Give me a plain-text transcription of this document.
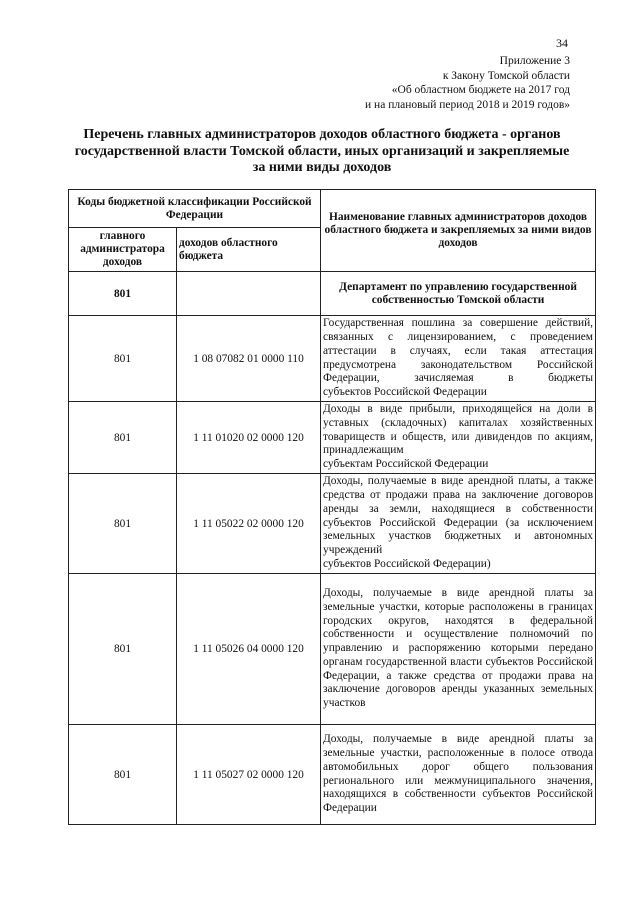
34
Приложение 3
к Закону Томской области
«Об областном бюджете на 2017 год
и на плановый период 2018 и 2019 годов»
Перечень главных администраторов доходов областного бюджета - органов
государственной власти Томской области, иных организаций и закрепляемые
за ними виды доходов
Коды бюджетной классификации Российской Федерации		Наименование главных администраторов доходов областного бюджета и закрепляемых за ними видов доходов
главного администратора доходов	доходов областного бюджета	
801		Департамент по управлению государственной собственностью Томской области
801	1 08 07082 01 0000 110	Государственная пошлина за совершение действий, связанных с лицензированием, с проведением аттестации в случаях, если такая аттестация предусмотрена законодательством Российской Федерации, зачисляемая в бюджеты
субъектов Российской Федерации

801	1 11 01020 02 0000 120	Доходы в виде прибыли, приходящейся на доли в уставных (складочных) капиталах хозяйственных товариществ и обществ, или дивидендов по акциям, принадлежащим
субъектам Российской Федерации

801	1 11 05022 02 0000 120	Доходы, получаемые в виде арендной платы, а также средства от продажи права на заключение договоров аренды за земли, находящиеся в собственности субъектов Российской Федерации (за исключением земельных участков бюджетных и автономных учреждений
субъектов Российской Федерации)

801	1 11 05026 04 0000 120	Доходы, получаемые в виде арендной платы за земельные участки, которые расположены в границах городских округов, находятся в федеральной собственности и осуществление полномочий по управлению и распоряжению которыми передано органам государственной власти субъектов Российской Федерации, а также средства от продажи права на заключение договоров аренды указанных земельных
участков

801	1 11 05027 02 0000 120	Доходы, получаемые в виде арендной платы за земельные участки, расположенные в полосе отвода автомобильных дорог общего пользования регионального или межмуниципального значения, находящихся в собственности субъектов Российской
Федерации
